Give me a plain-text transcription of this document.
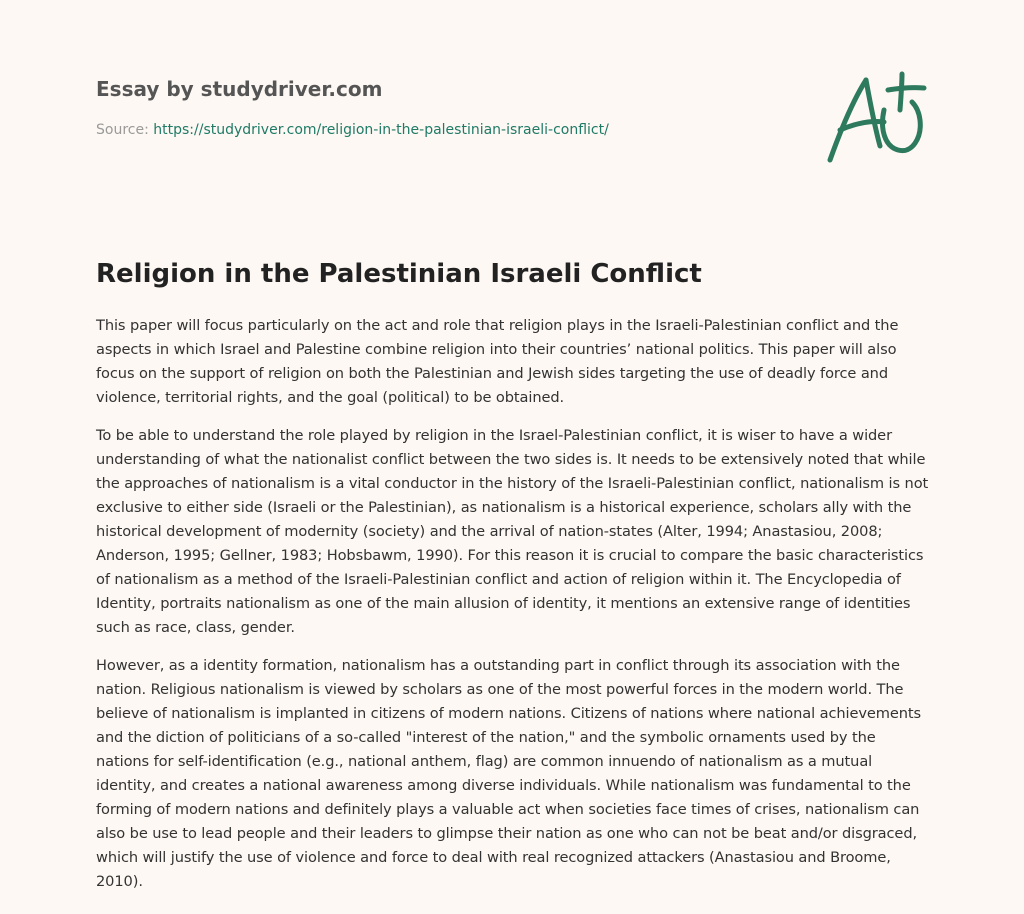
Essay by studydriver.com
Source: https://studydriver.com/religion-in-the-palestinian-israeli-conflict/
Religion in the Palestinian Israeli Conflict

This paper will focus particularly on the act and role that religion plays in the Israeli-Palestinian conflict and the aspects in which Israel and Palestine combine religion into their countries’ national politics. This paper will also focus on the support of religion on both the Palestinian and Jewish sides targeting the use of deadly force and violence, territorial rights, and the goal (political) to be obtained.

To be able to understand the role played by religion in the Israel-Palestinian conflict, it is wiser to have a wider understanding of what the nationalist conflict between the two sides is. It needs to be extensively noted that while the approaches of nationalism is a vital conductor in the history of the Israeli-Palestinian conflict, nationalism is not exclusive to either side (Israeli or the Palestinian), as nationalism is a historical experience, scholars ally with the historical development of modernity (society) and the arrival of nation-states (Alter, 1994; Anastasiou, 2008; Anderson, 1995; Gellner, 1983; Hobsbawm, 1990). For this reason it is crucial to compare the basic characteristics of nationalism as a method of the Israeli-Palestinian conflict and action of religion within it. The Encyclopedia of Identity, portraits nationalism as one of the main allusion of identity, it mentions an extensive range of identities such as race, class, gender.

However, as a identity formation, nationalism has a outstanding part in conflict through its association with the nation. Religious nationalism is viewed by scholars as one of the most powerful forces in the modern world. The believe of nationalism is implanted in citizens of modern nations. Citizens of nations where national achievements and the diction of politicians of a so-called "interest of the nation," and the symbolic ornaments used by the nations for self-identification (e.g., national anthem, flag) are common innuendo of nationalism as a mutual identity, and creates a national awareness among diverse individuals. While nationalism was fundamental to the forming of modern nations and definitely plays a valuable act when societies face times of crises, nationalism can also be use to lead people and their leaders to glimpse their nation as one who can not be beat and/or disgraced, which will justify the use of violence and force to deal with real recognized attackers (Anastasiou and Broome, 2010).
